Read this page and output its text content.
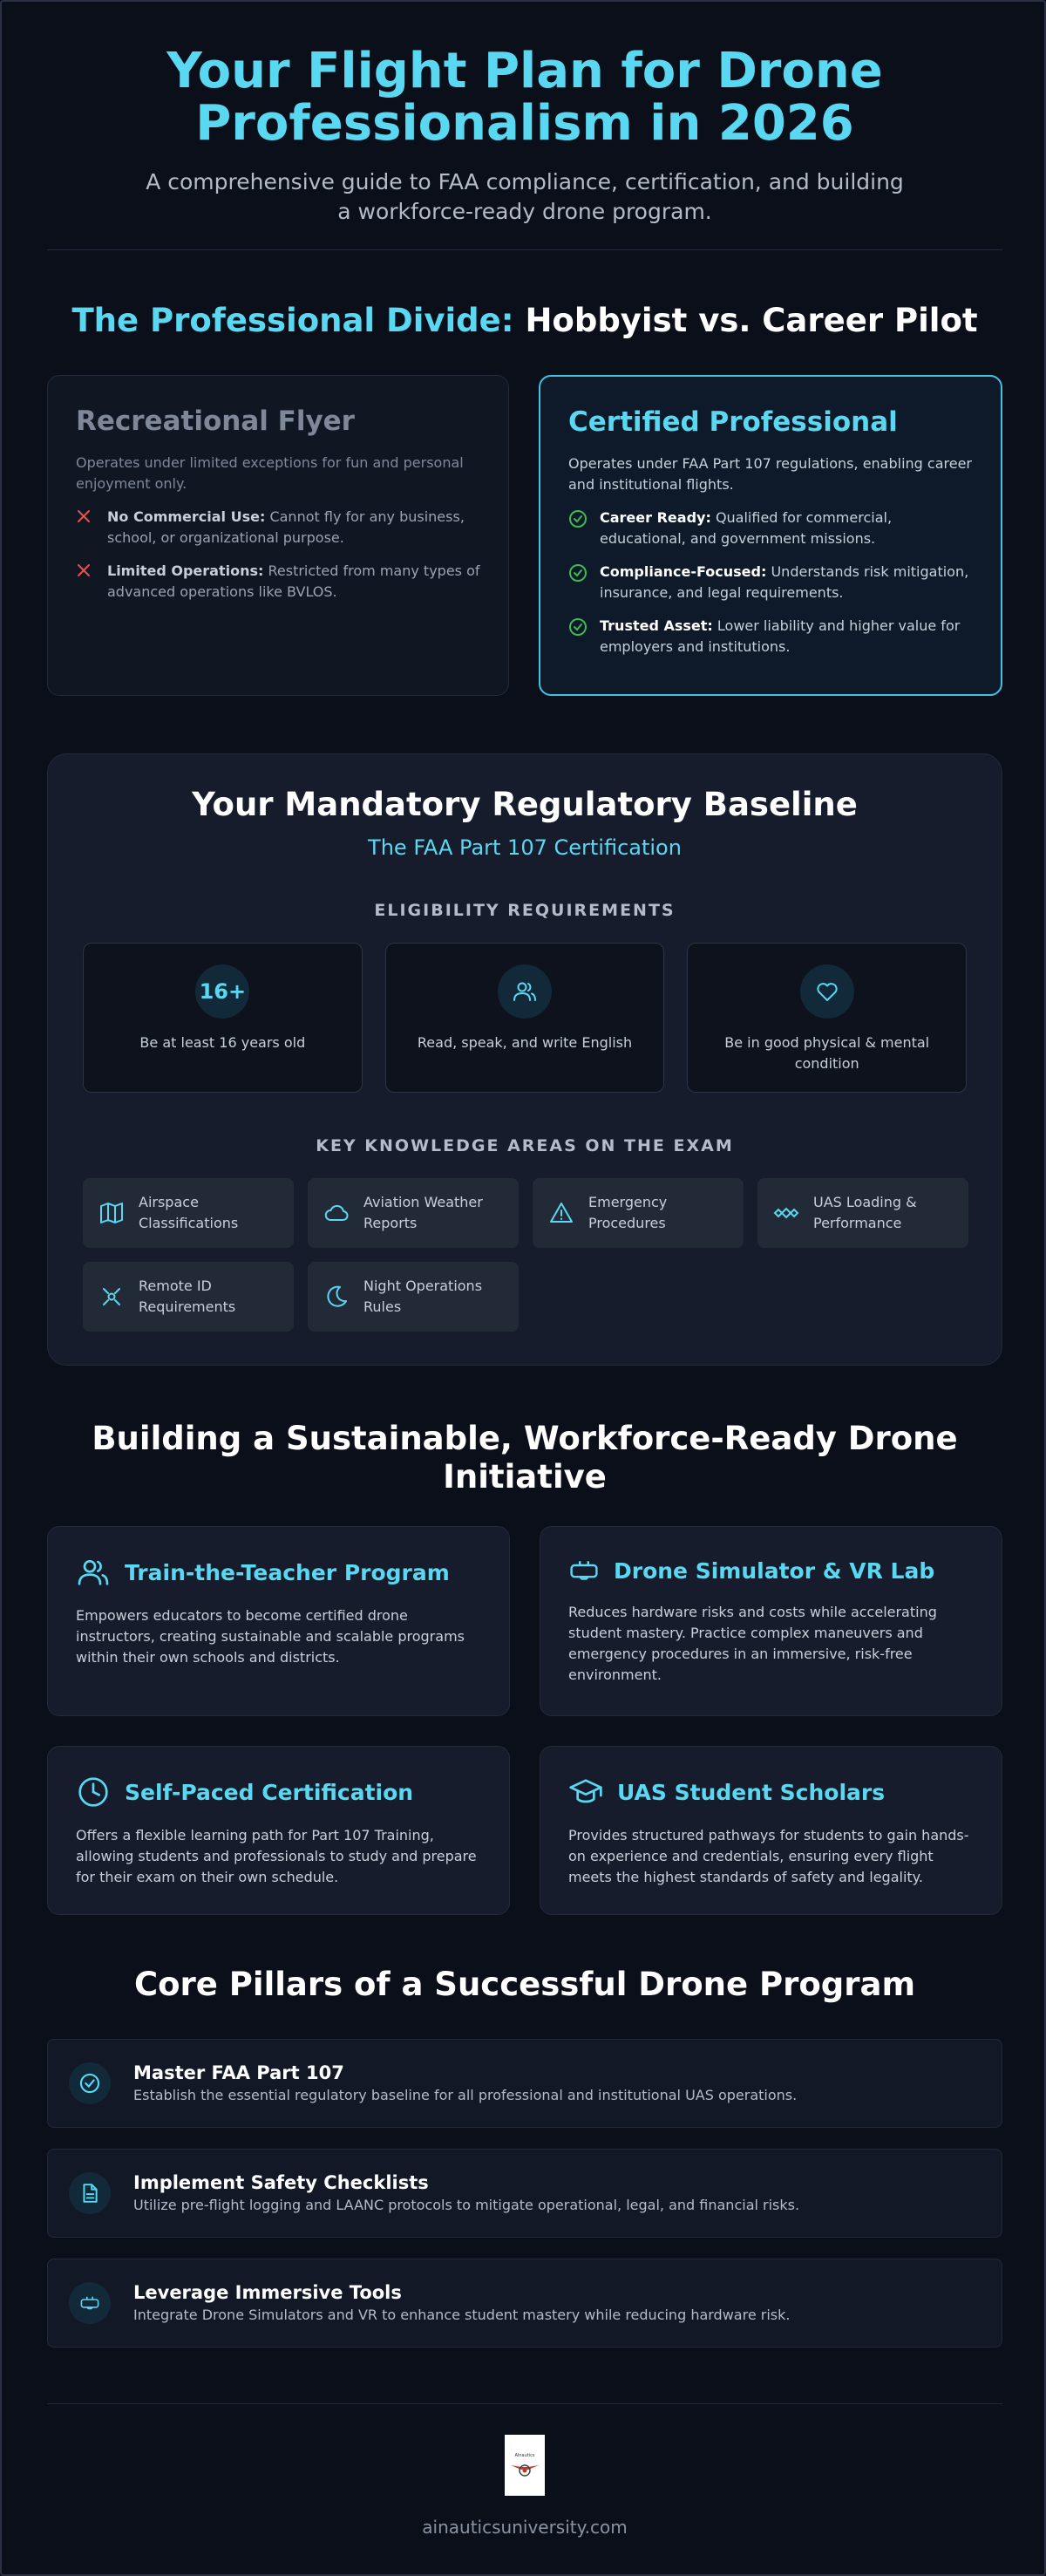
Your Flight Plan for Drone Professionalism in 2026

A comprehensive guide to FAA compliance, certification, and building a workforce-ready drone program.

The Professional Divide: Hobbyist vs. Career Pilot
Recreational Flyer
Operates under limited exceptions for fun and personal enjoyment only.
No Commercial Use: Cannot fly for any business, school, or organizational purpose.
Limited Operations: Restricted from many types of advanced operations like BVLOS.
Certified Professional
Operates under FAA Part 107 regulations, enabling career and institutional flights.
Career Ready: Qualified for commercial, educational, and government missions.
Compliance-Focused: Understands risk mitigation, insurance, and legal requirements.
Trusted Asset: Lower liability and higher value for employers and institutions.
Your Mandatory Regulatory Baseline
The FAA Part 107 Certification
ELIGIBILITY REQUIREMENTS
16+
Be at least 16 years old	Read, speak, and write English	Be in good physical & mental condition
KEY KNOWLEDGE AREAS ON THE EXAM
Airspace Classifications
Aviation Weather Reports
Emergency Procedures
UAS Loading & Performance
Remote ID Requirements
Night Operations Rules
Building a Sustainable, Workforce-Ready Drone Initiative
Train-the-Teacher Program
Empowers educators to become certified drone instructors, creating sustainable and scalable programs within their own schools and districts.
Drone Simulator & VR Lab
Reduces hardware risks and costs while accelerating student mastery. Practice complex maneuvers and emergency procedures in an immersive, risk-free environment.
Self-Paced Certification
Offers a flexible learning path for Part 107 Training, allowing students and professionals to study and prepare for their exam on their own schedule.
UAS Student Scholars
Provides structured pathways for students to gain hands-on experience and credentials, ensuring every flight meets the highest standards of safety and legality.
Core Pillars of a Successful Drone Program
Master FAA Part 107
Establish the essential regulatory baseline for all professional and institutional UAS operations.
Implement Safety Checklists
Utilize pre-flight logging and LAANC protocols to mitigate operational, legal, and financial risks.
Leverage Immersive Tools
Integrate Drone Simulators and VR to enhance student mastery while reducing hardware risk.
AInautics
ainauticsuniversity.com
